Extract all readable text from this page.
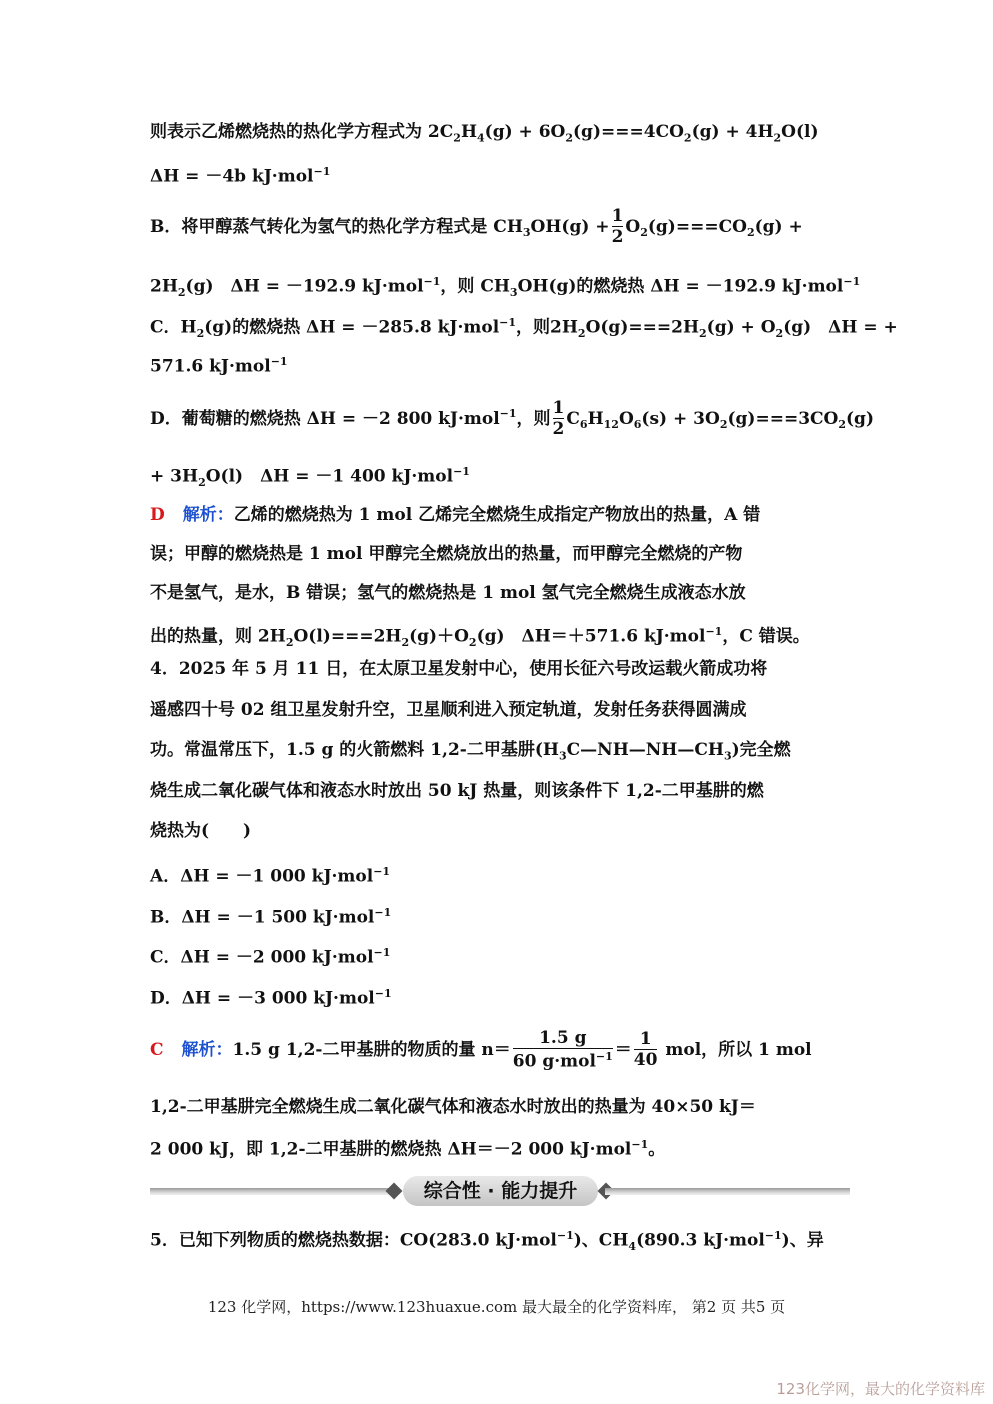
则表示乙烯燃烧热的热化学方程式为 $2C_2H_4(g) + 6O_2(g)===4CO_2(g) + 4H_2O(l)$
ΔH = －4b kJ·mol$^{-1}$
B．将甲醇蒸气转化为氢气的热化学方程式是 $CH_3OH(g) + \frac{1}{2} O_2(g)===CO_2(g)$ +
$2H_2(g)$　ΔH = －192.9 kJ·mol$^{-1}$，则 $CH_3OH(g)$的燃烧热 ΔH = －192.9 kJ·mol$^{-1}$
C．$H_2(g)$的燃烧热 ΔH = －285.8 kJ·mol$^{-1}$，则$2H_2O(g)===2H_2(g) + O_2(g)$　ΔH = +
571.6 kJ·mol$^{-1}$
D．葡萄糖的燃烧热 ΔH = －2 800 kJ·mol$^{-1}$，则 $\frac{1}{2} C_6H_{12}O_6(s) + 3O_2(g)===3CO_2(g)$
+ $3H_2O(l)$　ΔH = －1 400 kJ·mol$^{-1}$
D 解析：乙烯的燃烧热为 1 mol 乙烯完全燃烧生成指定产物放出的热量，A 错
误；甲醇的燃烧热是 1 mol 甲醇完全燃烧放出的热量，而甲醇完全燃烧的产物
不是氢气，是水，B 错误；氢气的燃烧热是 1 mol 氢气完全燃烧生成液态水放
出的热量，则 $2H_2O(l)===2H_2(g)+O_2(g)$　ΔH＝＋571.6 kJ·mol$^{-1}$，C 错误。
4．2025 年 5 月 11 日，在太原卫星发射中心，使用长征六号改运载火箭成功将
遥感四十号 02 组卫星发射升空，卫星顺利进入预定轨道，发射任务获得圆满成
功。常温常压下，1.5 g 的火箭燃料 1,2-二甲基肼$(H_3C—NH—NH—CH_3)$完全燃
烧生成二氧化碳气体和液态水时放出 50 kJ 热量，则该条件下 1,2-二甲基肼的燃
烧热为(　　)
A．ΔH = －1 000 kJ·mol$^{-1}$
B．ΔH = －1 500 kJ·mol$^{-1}$
C．ΔH = －2 000 kJ·mol$^{-1}$
D．ΔH = －3 000 kJ·mol$^{-1}$
C 解析：1.5 g 1,2-二甲基肼的物质的量 $n= \frac{1.5 g}{60 g\cdot mol^{-1}} = \frac{1}{40}$ mol，所以 1 mol
1,2-二甲基肼完全燃烧生成二氧化碳气体和液态水时放出的热量为 40×50 kJ＝
2 000 kJ，即 1,2-二甲基肼的燃烧热 ΔH＝－2 000 kJ·mol$^{-1}$。
综合性 · 能力提升
5．已知下列物质的燃烧热数据：CO(283.0 kJ·mol$^{-1}$)、$CH_4(890.3$ kJ·mol$^{-1}$)、异
123 化学网，https://www.123huaxue.com 最大最全的化学资料库， 第2 页 共5 页
123化学网，最大的化学资料库
